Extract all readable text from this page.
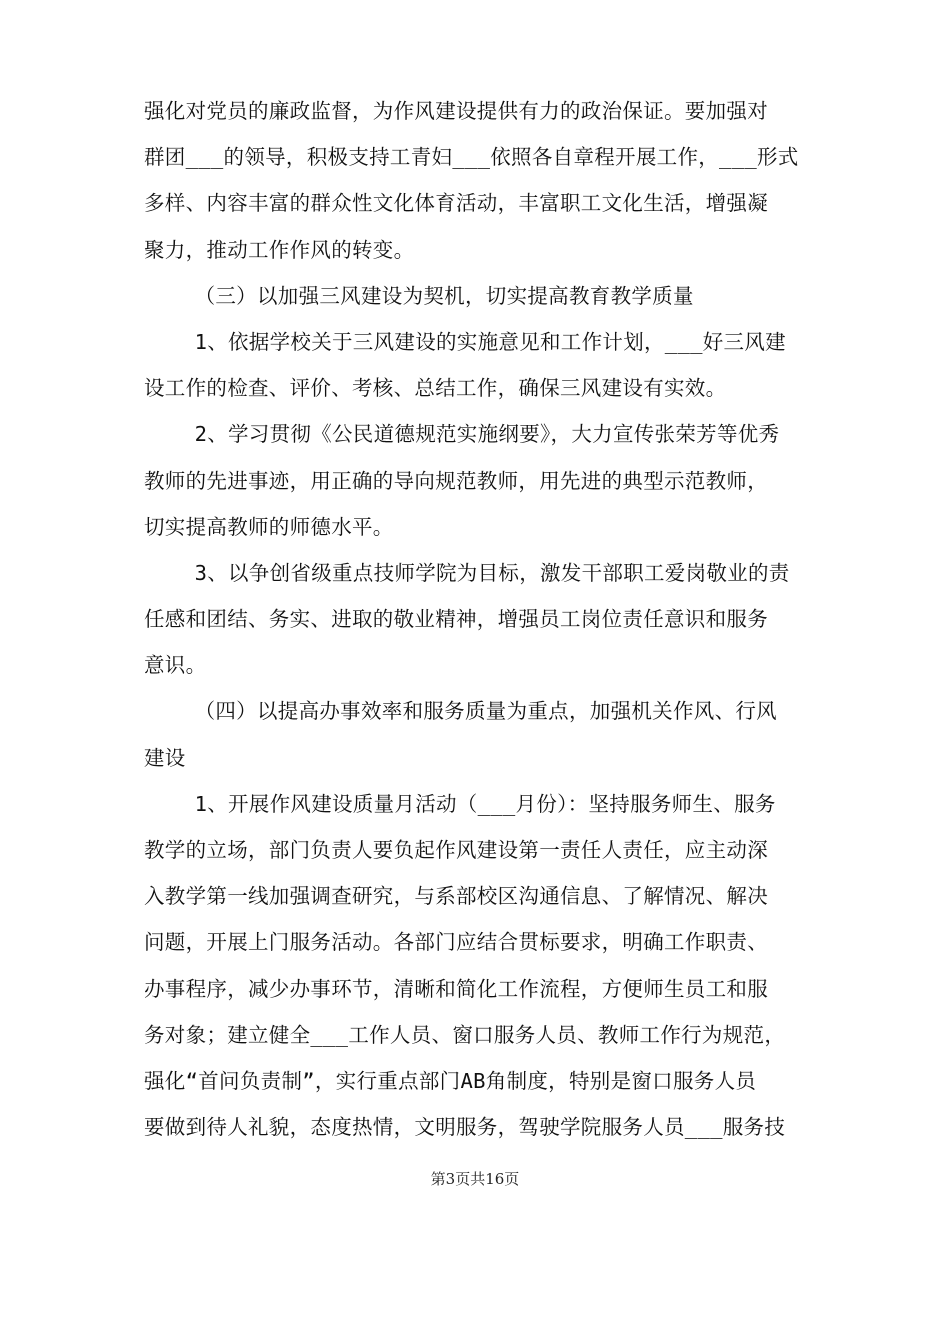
强化对党员的廉政监督，为作风建设提供有力的政治保证。要加强对
群团___的领导，积极支持工青妇___依照各自章程开展工作，___形式
多样、内容丰富的群众性文化体育活动，丰富职工文化生活，增强凝
聚力，推动工作作风的转变。
（三）以加强三风建设为契机，切实提高教育教学质量
1、依据学校关于三风建设的实施意见和工作计划，___好三风建
设工作的检查、评价、考核、总结工作，确保三风建设有实效。
2、学习贯彻《公民道德规范实施纲要》，大力宣传张荣芳等优秀
教师的先进事迹，用正确的导向规范教师，用先进的典型示范教师，
切实提高教师的师德水平。
3、以争创省级重点技师学院为目标，激发干部职工爱岗敬业的责
任感和团结、务实、进取的敬业精神，增强员工岗位责任意识和服务
意识。
（四）以提高办事效率和服务质量为重点，加强机关作风、行风
建设
1、开展作风建设质量月活动（___月份）：坚持服务师生、服务
教学的立场，部门负责人要负起作风建设第一责任人责任，应主动深
入教学第一线加强调查研究，与系部校区沟通信息、了解情况、解决
问题，开展上门服务活动。各部门应结合贯标要求，明确工作职责、
办事程序，减少办事环节，清晰和简化工作流程，方便师生员工和服
务对象；建立健全___工作人员、窗口服务人员、教师工作行为规范，
强化“首问负责制”，实行重点部门AB角制度，特别是窗口服务人员
要做到待人礼貌，态度热情，文明服务，驾驶学院服务人员___服务技
第3页共16页
